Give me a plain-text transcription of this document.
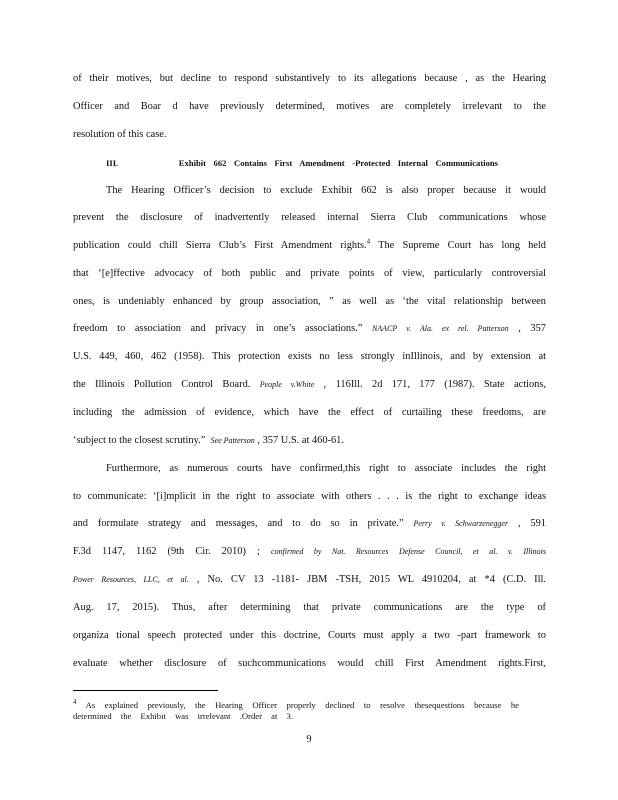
of their motives, but decline to respond substantively to its allegations because , as the Hearing
Officer and Boar d have previously determined, motives are completely irrelevant to the
resolution of this case.
III.	Exhibit 662 Contains First Amendment -Protected Internal Communications
The Hearing Officer’s decision to exclude Exhibit 662 is also proper because it would
prevent the disclosure of inadvertently released internal Sierra Club communications whose
publication could chill Sierra Club’s First Amendment rights.$^4$ The Supreme Court has long held
that ‘[e]ffective advocacy of both public and private points of view, particularly controversial
ones, is undeniably enhanced by group association, ” as well as ‘the vital relationship between
freedom to association and privacy in one’s associations.” NAACP v. Ala. ex rel. Patterson , 357
U.S. 449, 460, 462 (1958). This protection exists no less strongly inIllinois, and by extension at
the Illinois Pollution Control Board. People v.White , 116Ill. 2d 171, 177 (1987). State actions,
including the admission of evidence, which have the effect of curtailing these freedoms, are
‘subject to the closest scrutiny.” See Patterson , 357 U.S. at 460-61.
Furthermore, as numerous courts have confirmed,this right to associate includes the right
to communicate: ‘[i]mplicit in the right to associate with others . . . is the right to exchange ideas
and formulate strategy and messages, and to do so in private.” Perry v. Schwarzenegger , 591
F.3d 1147, 1162 (9th Cir. 2010) ; confirmed by Nat. Resources Defense Council, et al. v. Illinois
Power Resources, LLC, et al. , No. CV 13 -1181- JBM -TSH, 2015 WL 4910204, at *4 (C.D. Ill.
Aug. 17, 2015). Thus, after determining that private communications are the type of
organiza tional speech protected under this doctrine, Courts must apply a two -part framework to
evaluate whether disclosure of suchcommunications would chill First Amendment rights.First,
$^4$ As explained previously, the Hearing Officer properly declined to resolve thesequestions because he
determined the Exhibit was irrelevant .Order at 3.
9
